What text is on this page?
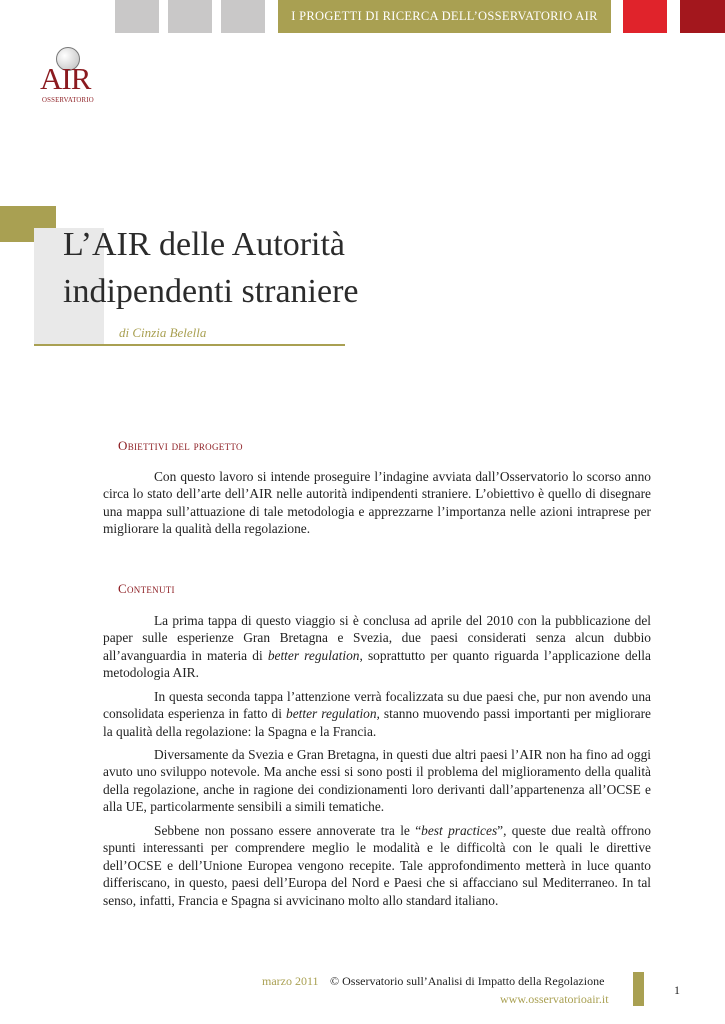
I PROGETTI DI RICERCA DELL’OSSERVATORIO AIR
AIR
OSSERVATORIO
L’AIR delle Autorità
indipendenti straniere
di Cinzia Belella
Obiettivi del progetto

Con questo lavoro si intende proseguire l’indagine avviata dall’Osservatorio lo scorso anno circa lo stato dell’arte dell’AIR nelle autorità indipendenti straniere. L’obiettivo è quello di disegnare una mappa sull’attuazione di tale metodologia e apprezzarne l’importanza nelle azioni intraprese per migliorare la qualità della regolazione.

Contenuti

La prima tappa di questo viaggio si è conclusa ad aprile del 2010 con la pubblicazione del paper sulle esperienze Gran Bretagna e Svezia, due paesi considerati senza alcun dubbio all’avanguardia in materia di better regulation, soprattutto per quanto riguarda l’applicazione della metodologia AIR.

In questa seconda tappa l’attenzione verrà focalizzata su due paesi che, pur non avendo una consolidata esperienza in fatto di better regulation, stanno muovendo passi importanti per migliorare la qualità della regolazione: la Spagna e la Francia.

Diversamente da Svezia e Gran Bretagna, in questi due altri paesi l’AIR non ha fino ad oggi avuto uno sviluppo notevole. Ma anche essi si sono posti il problema del miglioramento della qualità della regolazione, anche in ragione dei condizionamenti loro derivanti dall’appartenenza all’OCSE e alla UE, particolarmente sensibili a simili tematiche.

Sebbene non possano essere annoverate tra le “best practices”, queste due realtà offrono spunti interessanti per comprendere meglio le modalità e le difficoltà con le quali le direttive dell’OCSE e dell’Unione Europea vengono recepite. Tale approfondimento metterà in luce quanto differiscano, in questo, paesi dell’Europa del Nord e Paesi che si affacciano sul Mediterraneo. In tal senso, infatti, Francia e Spagna si avvicinano molto allo standard italiano.

marzo 2011 © Osservatorio sull’Analisi di Impatto della Regolazione
www.osservatorioair.it
1
